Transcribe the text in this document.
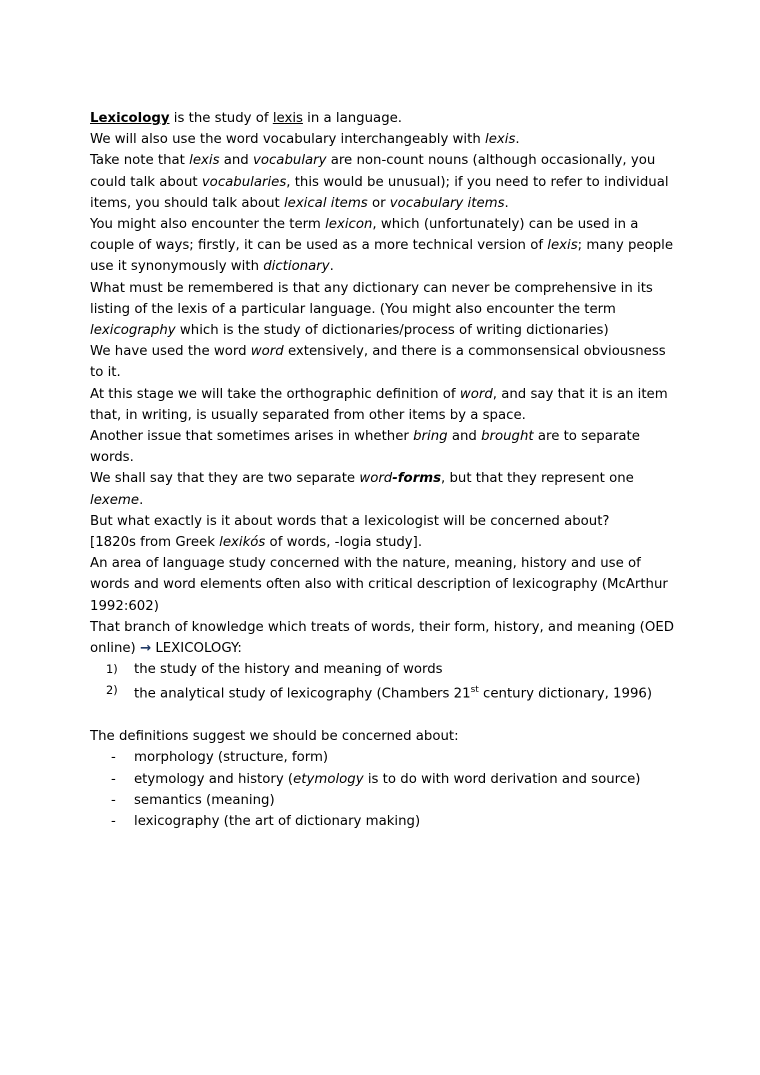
Lexicology is the study of lexis in a language.

We will also use the word vocabulary interchangeably with lexis.

Take note that lexis and vocabulary are non-count nouns (although occasionally, you could talk about vocabularies, this would be unusual); if you need to refer to individual items, you should talk about lexical items or vocabulary items.

You might also encounter the term lexicon, which (unfortunately) can be used in a couple of ways; firstly, it can be used as a more technical version of lexis; many people use it synonymously with dictionary.

What must be remembered is that any dictionary can never be comprehensive in its listing of the lexis of a particular language. (You might also encounter the term lexicography which is the study of dictionaries/process of writing dictionaries)

We have used the word word extensively, and there is a commonsensical obviousness to it.

At this stage we will take the orthographic definition of word, and say that it is an item that, in writing, is usually separated from other items by a space.

Another issue that sometimes arises in whether bring and brought are to separate words.

We shall say that they are two separate word-forms, but that they represent one lexeme.

But what exactly is it about words that a lexicologist will be concerned about?

[1820s from Greek lexikós of words, -logia study].

An area of language study concerned with the nature, meaning, history and use of words and word elements often also with critical description of lexicography (McArthur 1992:602)

That branch of knowledge which treats of words, their form, history, and meaning (OED online) → LEXICOLOGY:

the study of the history and meaning of words
the analytical study of lexicography (Chambers 21st century dictionary, 1996)

The definitions suggest we should be concerned about:

- morphology (structure, form)
- etymology and history (etymology is to do with word derivation and source)
- semantics (meaning)
- lexicography (the art of dictionary making)
